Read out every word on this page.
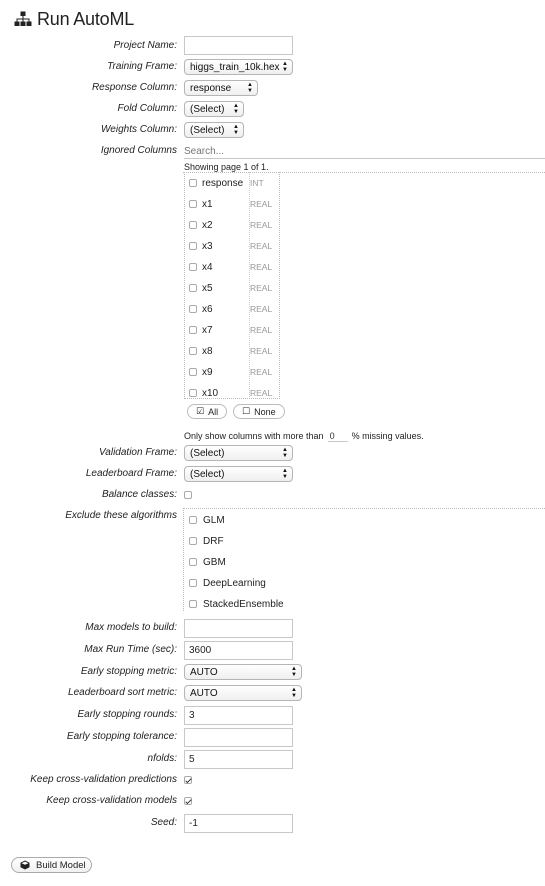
Run AutoML
Project Name:
Training Frame: higgs_train_10k.hex ▲
▼
Response Column: response	▲
▼
Fold Column: (Select) ▲
▼
Weights Column: (Select) ▲
▼
Ignored Columns
Search...
Showing page 1 of 1.
response INT
x1	REAL
x2	REAL
x3	REAL
x4	REAL
x5	REAL
x6	REAL
x7	REAL
x8	REAL
x9	REAL
x10	REAL
☑ All	☐ None
Only show columns with more than
0	% missing values.
Validation Frame: (Select)	▲
▼
Leaderboard Frame: (Select)	▲
▼
Balance classes:
Exclude these algorithms	GLM
DRF
GBM
DeepLearning
StackedEnsemble
Max models to build:
Max Run Time (sec):
3600
Early stopping metric: AUTO	▲
▼
Leaderboard sort metric: AUTO	▲
▼
Early stopping rounds:
3
Early stopping tolerance:
nfolds:
5
Keep cross-validation predictions
Keep cross-validation models
Seed:
-1
Build Model
